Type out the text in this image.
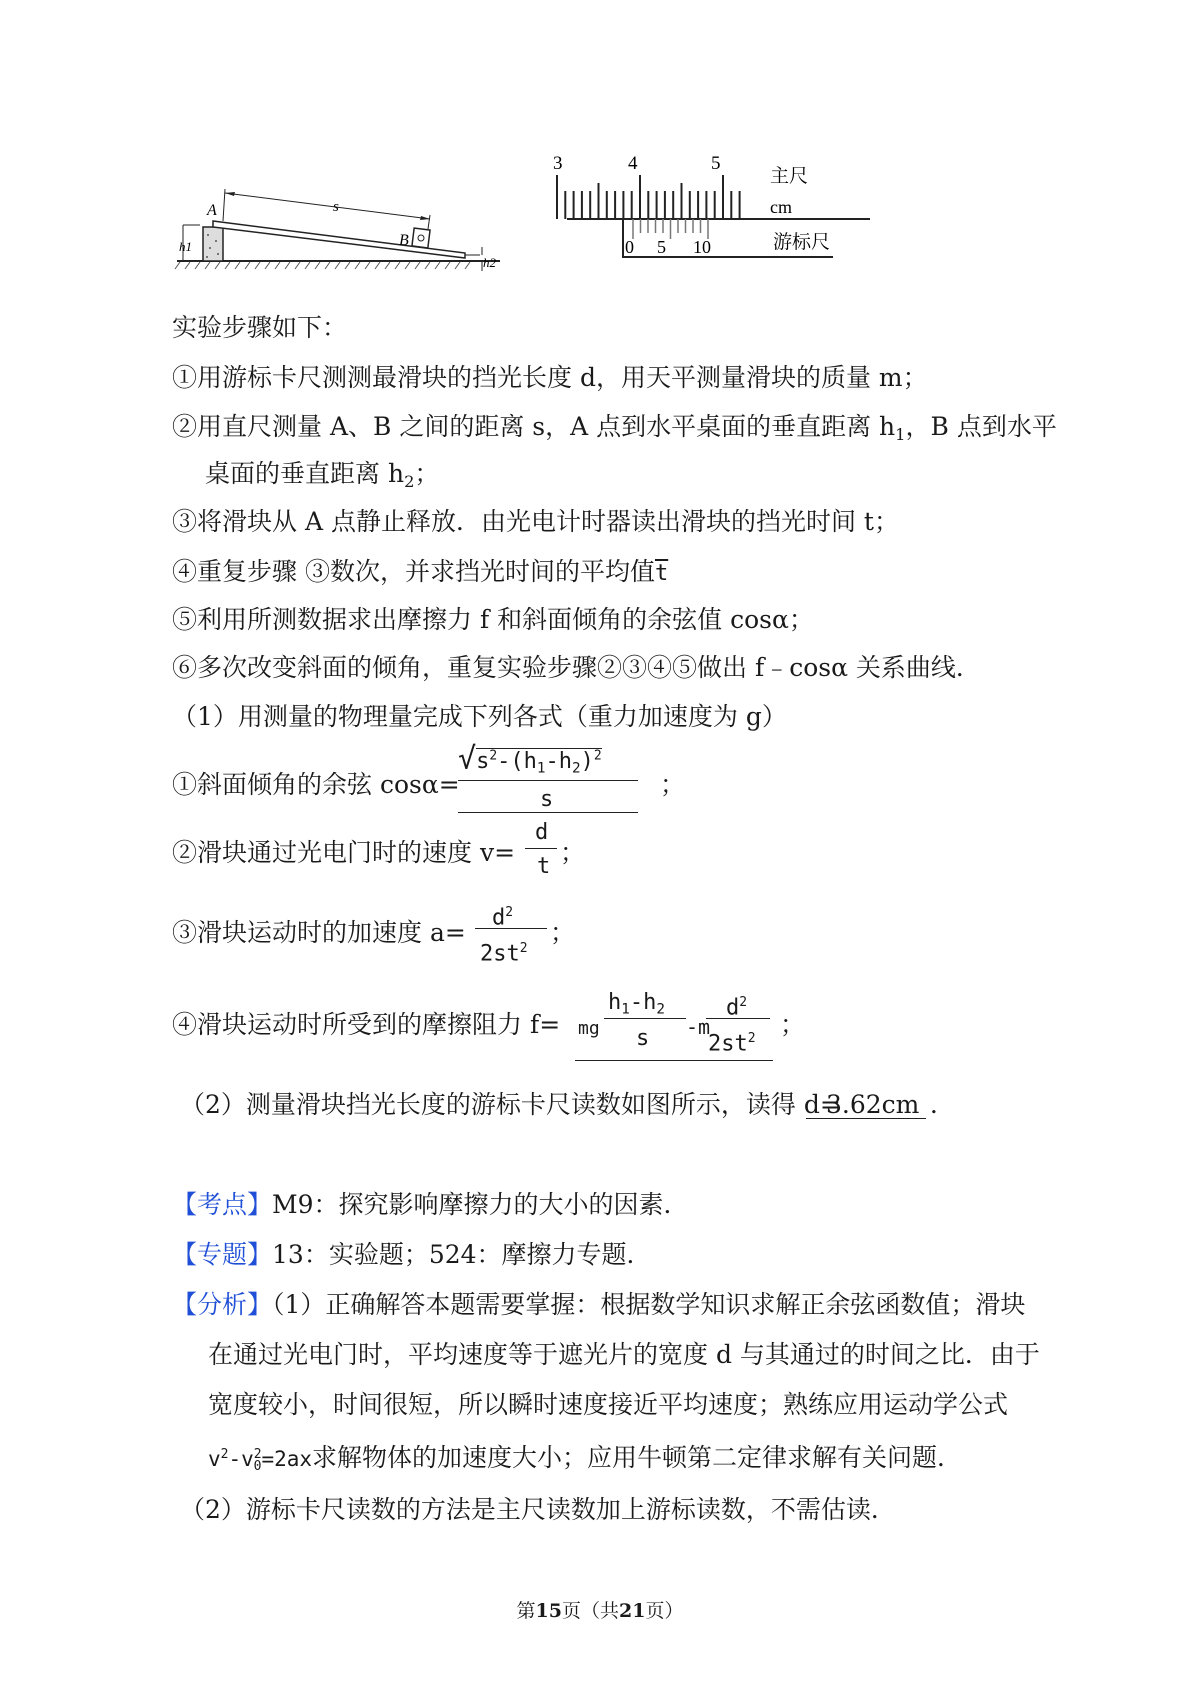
A
B
s
h1
h2
3	4	5
0 5 10
主尺
cm
游标尺
实验步骤如下：
①用游标卡尺测测最滑块的挡光长度 d，用天平测量滑块的质量 m；
②用直尺测量 A、B 之间的距离 s，A 点到水平桌面的垂直距离 $h_1$，B 点到水平
桌面的垂直距离 $h_2$；
③将滑块从 A 点静止释放．由光电计时器读出滑块的挡光时间 t；
④重复步骤 ③数次，并求挡光时间的平均值$\overline{t}$
⑤利用所测数据求出摩擦力 f 和斜面倾角的余弦值 cosα；
⑥多次改变斜面的倾角，重复实验步骤②③④⑤做出 f﹣cosα 关系曲线．
（1）用测量的物理量完成下列各式（重力加速度为 g）
①斜面倾角的余弦 cosα=
$√s^2-(h_1-h_2)^2$
s
；
②滑块通过光电门时的速度 v=
d
t ；
③滑块运动时的加速度 a=
$d^2$
$2st^2$
；
④滑块运动时所受到的摩擦阻力 f= mg
$h_1-h_2$
s -m
$d^2$
$2st^2$ ；
（2）测量滑块挡光长度的游标卡尺读数如图所示，读得 d=
3.62cm ．
【考点】M9：探究影响摩擦力的大小的因素．
【专题】13：实验题；524：摩擦力专题．
【分析】（1）正确解答本题需要掌握：根据数学知识求解正余弦函数值；滑块
在通过光电门时，平均速度等于遮光片的宽度 d 与其通过的时间之比．由于
宽度较小，时间很短，所以瞬时速度接近平均速度；熟练应用运动学公式
$v^2-v^2_0=2ax$求解物体的加速度大小；应用牛顿第二定律求解有关问题．
（2）游标卡尺读数的方法是主尺读数加上游标读数，不需估读．
第15页（共21页）
